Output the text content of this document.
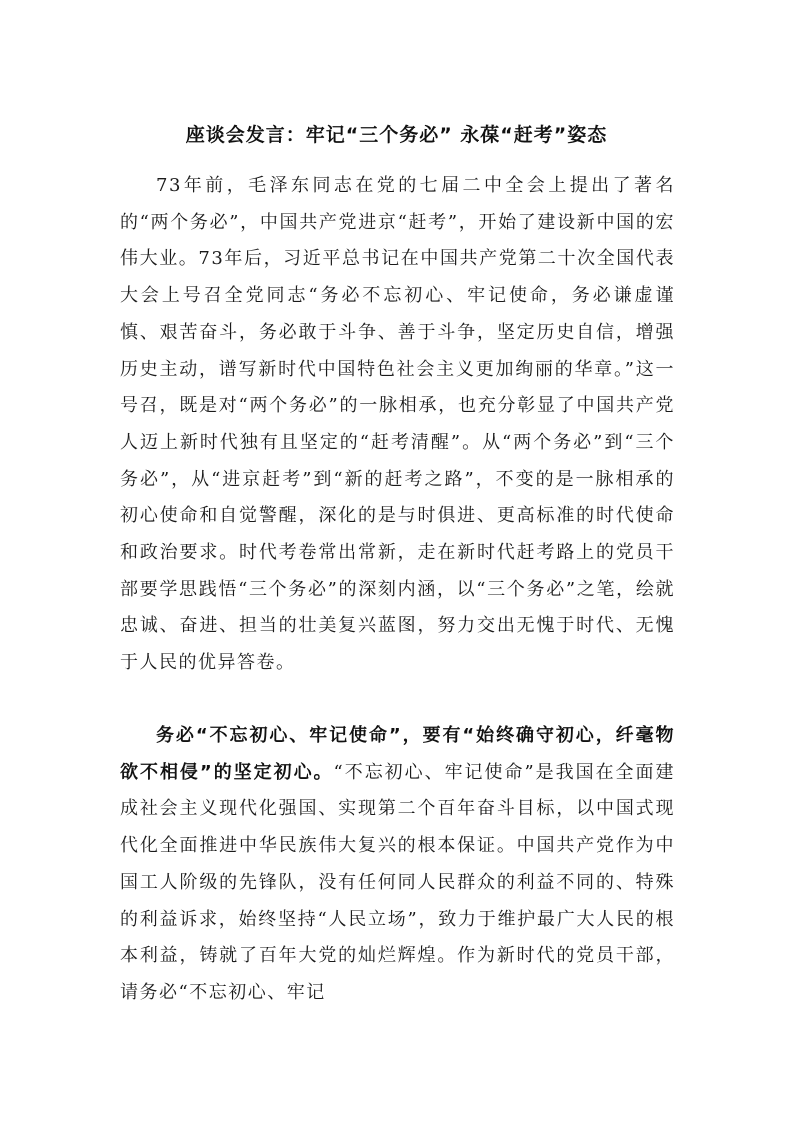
座谈会发言：牢记“三个务必” 永葆“赶考”姿态

73年前，毛泽东同志在党的七届二中全会上提出了著名的“两个务必”，中国共产党进京“赶考”，开始了建设新中国的宏伟大业。73年后，习近平总书记在中国共产党第二十次全国代表大会上号召全党同志“务必不忘初心、牢记使命，务必谦虚谨慎、艰苦奋斗，务必敢于斗争、善于斗争，坚定历史自信，增强历史主动，谱写新时代中国特色社会主义更加绚丽的华章。”这一号召，既是对“两个务必”的一脉相承，也充分彰显了中国共产党人迈上新时代独有且坚定的“赶考清醒”。从“两个务必”到“三个务必”，从“进京赶考”到“新的赶考之路”，不变的是一脉相承的初心使命和自觉警醒，深化的是与时俱进、更高标准的时代使命和政治要求。时代考卷常出常新，走在新时代赶考路上的党员干部要学思践悟“三个务必”的深刻内涵，以“三个务必”之笔，绘就忠诚、奋进、担当的壮美复兴蓝图，努力交出无愧于时代、无愧于人民的优异答卷。

务必“不忘初心、牢记使命”，要有“始终确守初心，纤毫物欲不相侵”的坚定初心。“不忘初心、牢记使命”是我国在全面建成社会主义现代化强国、实现第二个百年奋斗目标，以中国式现代化全面推进中华民族伟大复兴的根本保证。中国共产党作为中国工人阶级的先锋队，没有任何同人民群众的利益不同的、特殊的利益诉求，始终坚持“人民立场”，致力于维护最广大人民的根本利益，铸就了百年大党的灿烂辉煌。作为新时代的党员干部，请务必“不忘初心、牢记
